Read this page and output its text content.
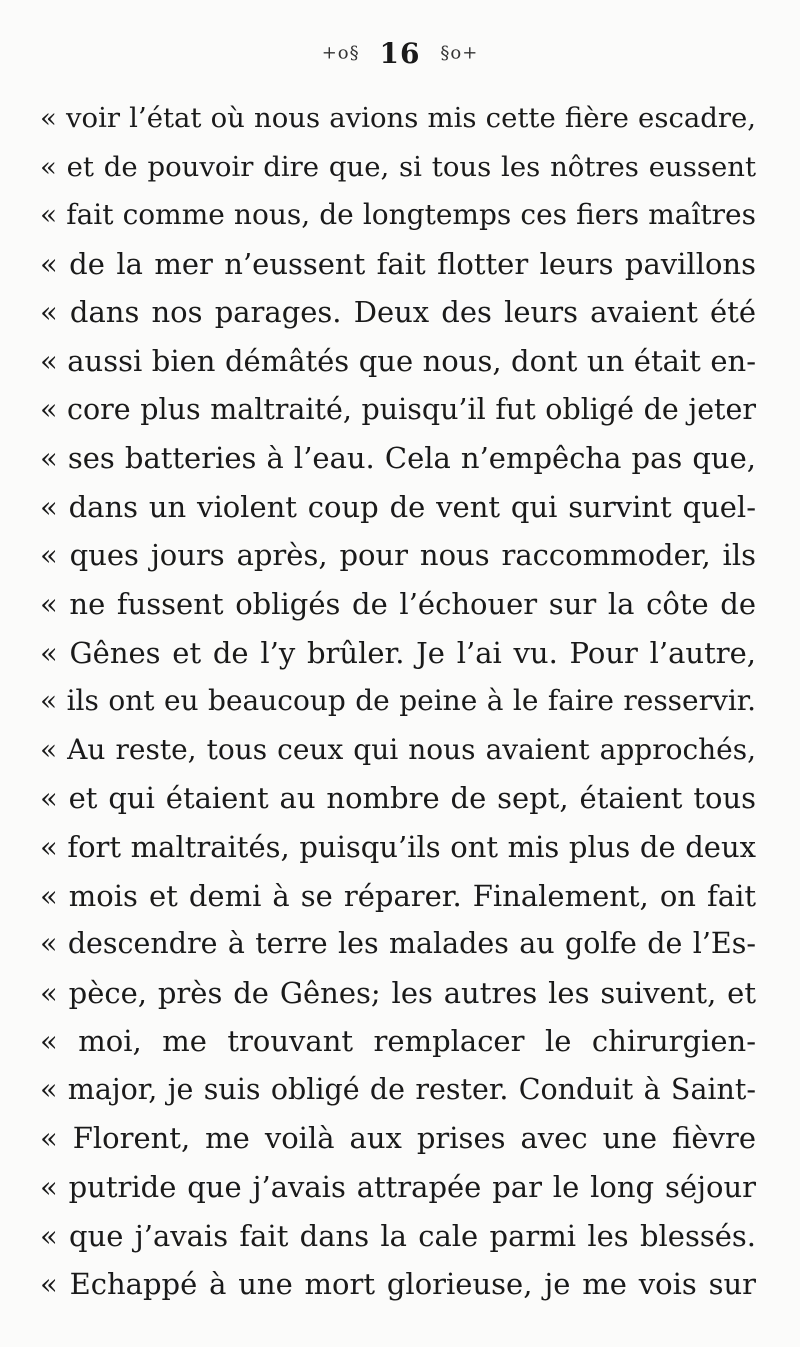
+o§ 16 §o+
« voir l’état où nous avions mis cette fière escadre,
« et de pouvoir dire que, si tous les nôtres eussent
« fait comme nous, de longtemps ces fiers maîtres
« de la mer n’eussent fait flotter leurs pavillons
« dans nos parages. Deux des leurs avaient été
« aussi bien démâtés que nous, dont un était en-
« core plus maltraité, puisqu’il fut obligé de jeter
« ses batteries à l’eau. Cela n’empêcha pas que,
« dans un violent coup de vent qui survint quel-
« ques jours après, pour nous raccommoder, ils
« ne fussent obligés de l’échouer sur la côte de
« Gênes et de l’y brûler. Je l’ai vu. Pour l’autre,
« ils ont eu beaucoup de peine à le faire resservir.
« Au reste, tous ceux qui nous avaient approchés,
« et qui étaient au nombre de sept, étaient tous
« fort maltraités, puisqu’ils ont mis plus de deux
« mois et demi à se réparer. Finalement, on fait
« descendre à terre les malades au golfe de l’Es-
« pèce, près de Gênes; les autres les suivent, et
« moi, me trouvant remplacer le chirurgien-
« major, je suis obligé de rester. Conduit à Saint-
« Florent, me voilà aux prises avec une fièvre
« putride que j’avais attrapée par le long séjour
« que j’avais fait dans la cale parmi les blessés.
« Echappé à une mort glorieuse, je me vois sur
